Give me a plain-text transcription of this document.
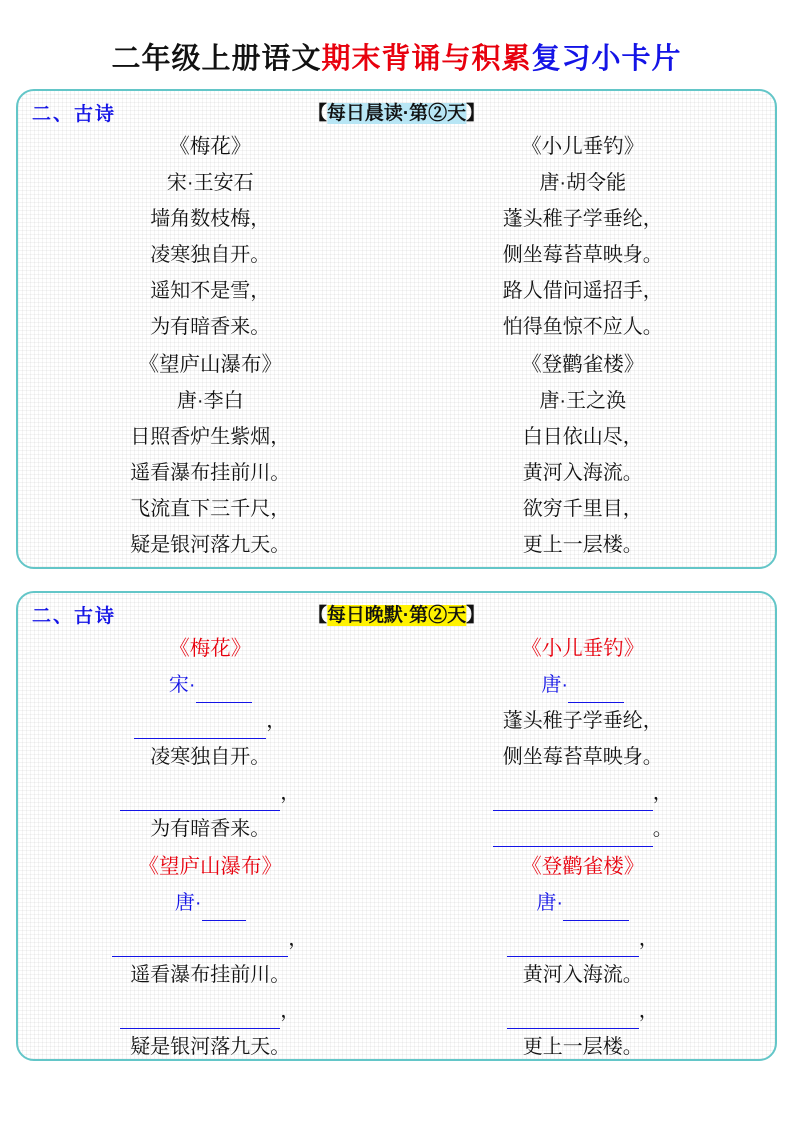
二年级上册语文期末背诵与积累复习小卡片
二、古诗	【每日晨读·第②天】
《梅花》
宋·王安石
墙角数枝梅，
凌寒独自开。
遥知不是雪，
为有暗香来。
《望庐山瀑布》
唐·李白
日照香炉生紫烟，
遥看瀑布挂前川。
飞流直下三千尺，
疑是银河落九天。
《小儿垂钓》
唐·胡令能
蓬头稚子学垂纶，
侧坐莓苔草映身。
路人借问遥招手，
怕得鱼惊不应人。
《登鹳雀楼》
唐·王之涣
白日依山尽，
黄河入海流。
欲穷千里目，
更上一层楼。
二、古诗	【每日晚默·第②天】
《梅花》
宋·
，
凌寒独自开。
，
为有暗香来。
《望庐山瀑布》
唐·
，
遥看瀑布挂前川。
，
疑是银河落九天。
《小儿垂钓》
唐·
蓬头稚子学垂纶，
侧坐莓苔草映身。
，
。
《登鹳雀楼》
唐·
，
黄河入海流。
，
更上一层楼。
